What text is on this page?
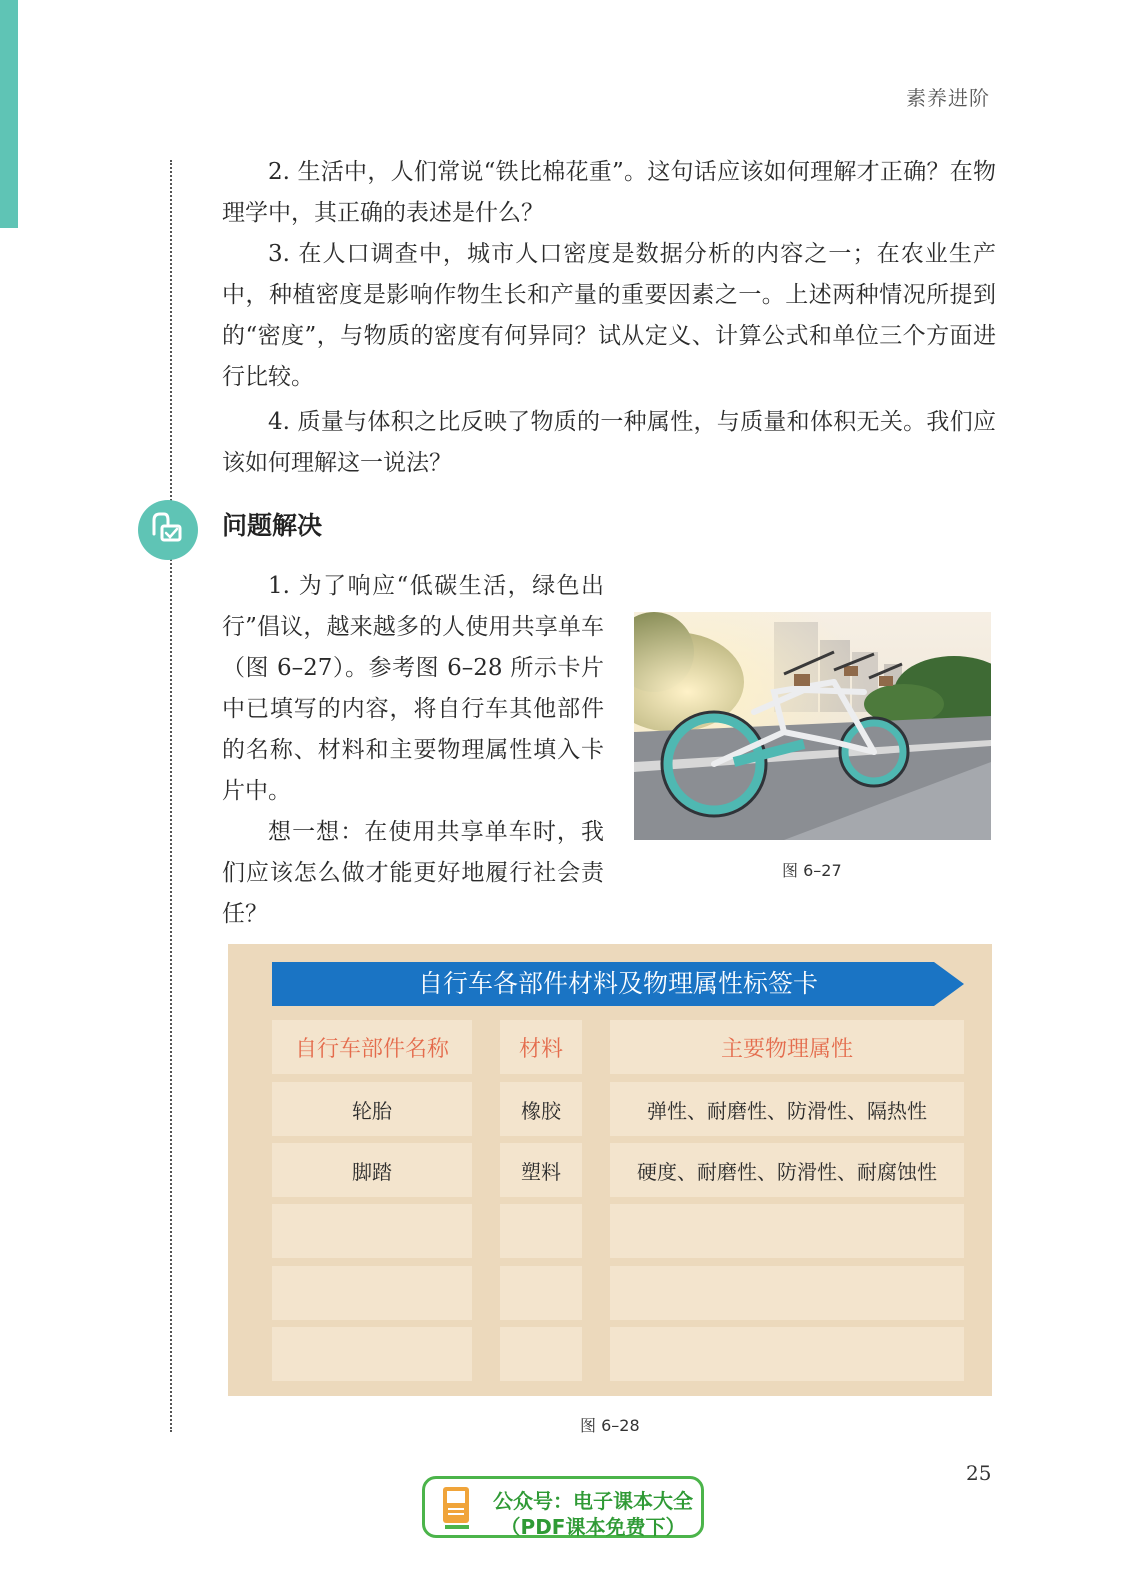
素养进阶

2. 生活中，人们常说“铁比棉花重”。这句话应该如何理解才正确？在物理学中，其正确的表述是什么？

3. 在人口调查中，城市人口密度是数据分析的内容之一；在农业生产中，种植密度是影响作物生长和产量的重要因素之一。上述两种情况所提到的“密度”，与物质的密度有何异同？试从定义、计算公式和单位三个方面进行比较。

4. 质量与体积之比反映了物质的一种属性，与质量和体积无关。我们应该如何理解这一说法？

问题解决

1. 为了响应“低碳生活，绿色出行”倡议，越来越多的人使用共享单车（图 6–27）。参考图 6–28 所示卡片中已填写的内容，将自行车其他部件的名称、材料和主要物理属性填入卡片中。

想一想：在使用共享单车时，我们应该怎么做才能更好地履行社会责任？

图 6–27
自行车各部件材料及物理属性标签卡
自行车部件名称	材料	主要物理属性
轮胎	橡胶	弹性、耐磨性、防滑性、隔热性
脚踏	塑料	硬度、耐磨性、防滑性、耐腐蚀性
图 6–28
25
公众号：电子课本大全
（PDF课本免费下）
